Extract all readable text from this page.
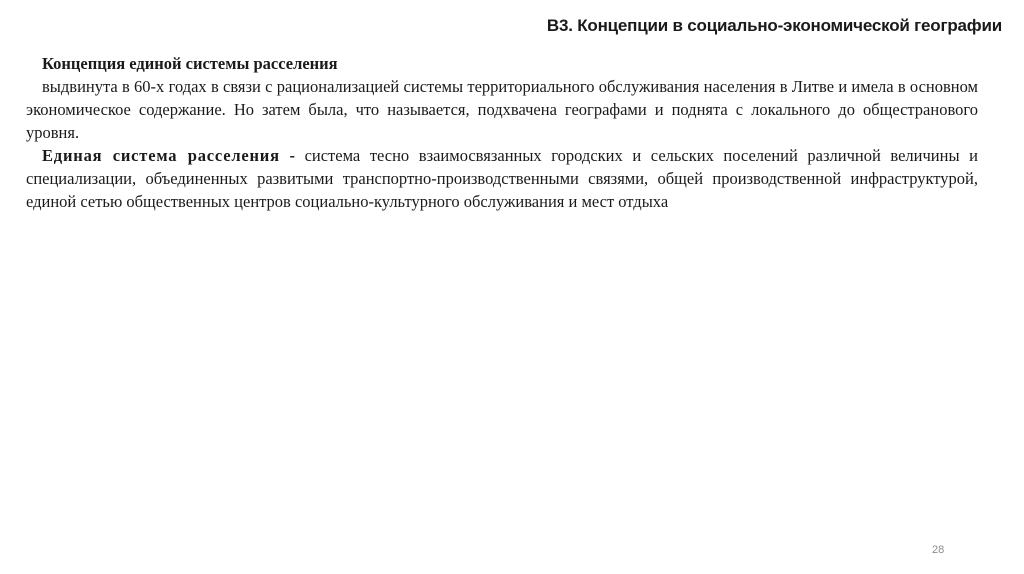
B3. Концепции в социально-экономической географии

Концепция единой системы расселения

выдвинута в 60-х годах в связи с рационализацией системы территориального обслуживания населения в Литве и имела в основном экономическое содержание. Но затем была, что называется, подхвачена географами и поднята с локального до общестранового уровня.

Единая система расселения - система тесно взаимосвязанных городских и сельских поселений различной величины и специализации, объединенных развитыми транспортно-производственными связями, общей производственной инфраструктурой, единой сетью общественных центров социально-культурного обслуживания и мест отдыха

28
